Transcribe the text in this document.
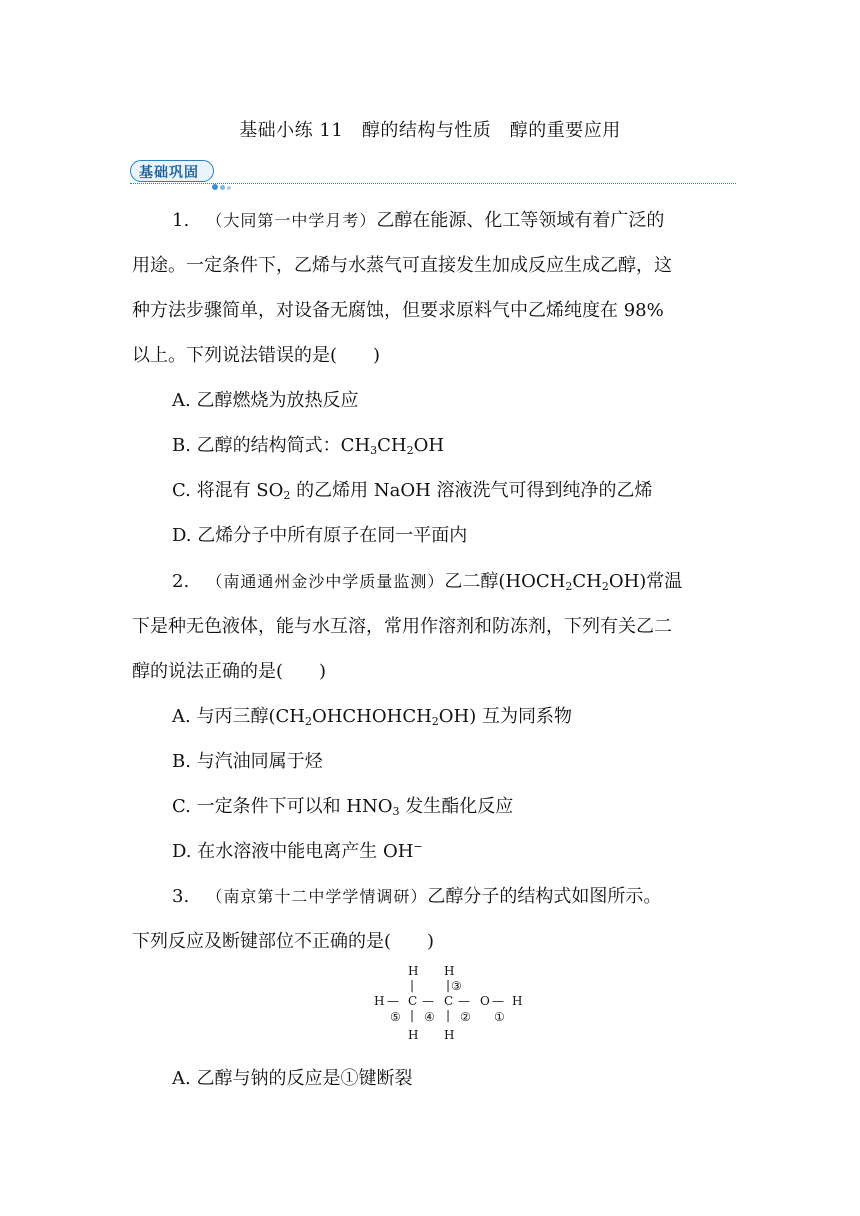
基础小练 11　醇的结构与性质　醇的重要应用
基础巩固
1. （大同第一中学月考）乙醇在能源、化工等领域有着广泛的
用途。一定条件下，乙烯与水蒸气可直接发生加成反应生成乙醇，这
种方法步骤简单，对设备无腐蚀，但要求原料气中乙烯纯度在 98%
以上。下列说法错误的是(　　)
A. 乙醇燃烧为放热反应
B. 乙醇的结构简式：$CH_3CH_2OH$
C. 将混有 $SO_2$ 的乙烯用 NaOH 溶液洗气可得到纯净的乙烯
D. 乙烯分子中所有原子在同一平面内
2. （南通通州金沙中学质量监测）乙二醇$(HOCH_2CH_2OH)$常温
下是种无色液体，能与水互溶，常用作溶剂和防冻剂，下列有关乙二
醇的说法正确的是(　　)
A. 与丙三醇$(CH_2OHCHOHCH_2OH)$ 互为同系物
B. 与汽油同属于烃
C. 一定条件下可以和 $HNO_3$ 发生酯化反应
D. 在水溶液中能电离产生 OH−
3. （南京第十二中学学情调研）乙醇分子的结构式如图所示。
下列反应及断键部位不正确的是(　　)
H H
|	| ③
H — C — C — O — H
⑤ | ④ | ② ①
H H
A. 乙醇与钠的反应是①键断裂
